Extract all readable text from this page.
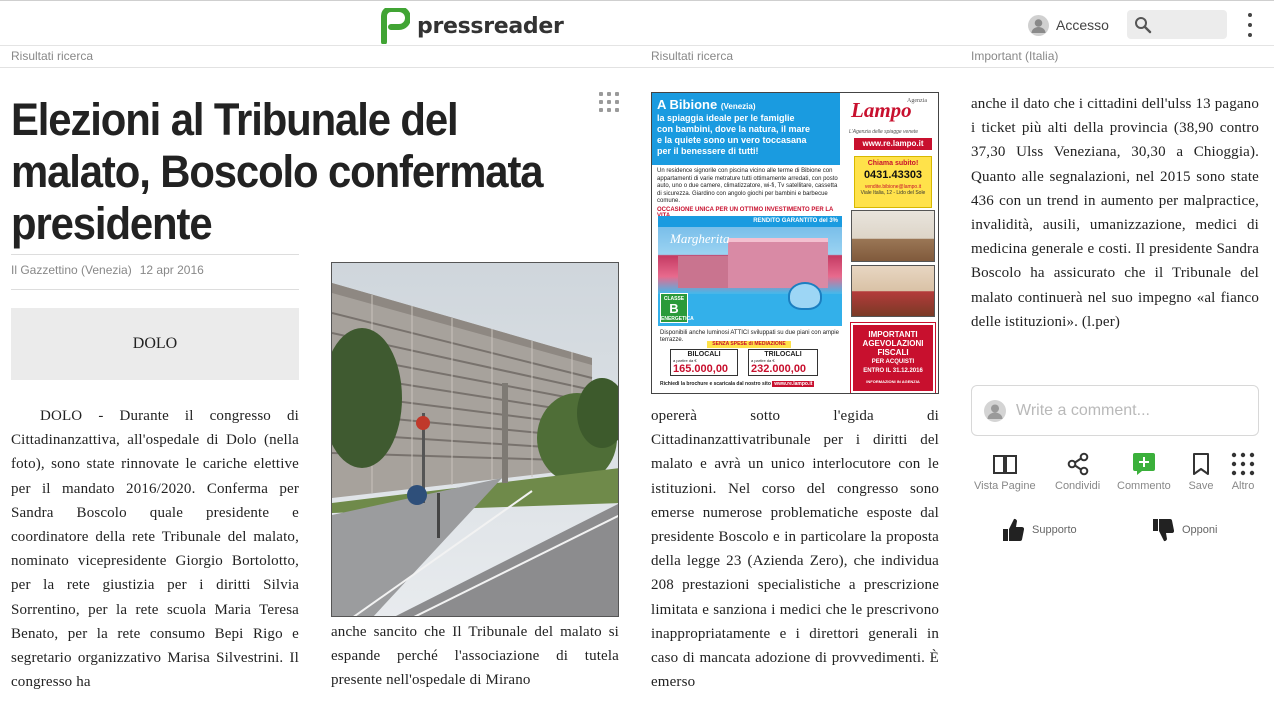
pressreader	Accesso
Risultati ricerca	Risultati ricerca	Important (Italia)
Elezioni al Tribunale del malato, Boscolo confermata presidente
Il Gazzettino (Venezia) 12 apr 2016
DOLO

DOLO - Durante il congresso di Cittadinanzattiva, all'ospedale di Dolo (nella foto), sono state rinnovate le cariche elettive per il mandato 2016/2020. Conferma per Sandra Boscolo quale presidente e coordinatore della rete Tribunale del malato, nominato vicepresidente Giorgio Bortolotto, per la rete giustizia per i diritti Silvia Sorrentino, per la rete scuola Maria Teresa Benato, per la rete consumo Bepi Rigo e segretario organizzativo Marisa Silvestrini. Il congresso ha

anche sancito che Il Tribunale del malato si espande perché l'associazione di tutela presente nell'ospedale di Mirano

A Bibione (Venezia)
la spiaggia ideale per le famiglie
con bambini, dove la natura, il mare
e la quiete sono un vero toccasana
per il benessere di tutti!
Un residence signorile con piscina vicino alle terme di Bibione con appartamenti di varie metrature tutti ottimamente arredati, con posto auto, uno o due camere, climatizzatore, wi-fi, Tv satellitare, cassetta di sicurezza. Giardino con angolo giochi per bambini e barbecue comune.
OCCASIONE UNICA PER UN OTTIMO INVESTIMENTO PER LA
RENDITO GARANTITO del 3%
Margherita
CLASSE
B
ENERGETICA
Disponibili anche luminosi ATTICI sviluppati su due piani con ampie terrazze.
SENZA SPESE di MEDIAZIONE
BILOCALI
a partire da € 165.000,00
TRILOCALI
a partire da € 232.000,00
Richiedi la brochure e scaricala dal nostro sito www.re.lampo.it
Agenzia
Lampo
L'Agenzia delle spiagge venete
www.re.lampo.it
Chiama subito!
0431.43303
vendite.bibione@lampo.it
Viale Italia, 12 - Lido del Sole
IMPORTANTI
AGEVOLAZIONI
FISCALI
PER ACQUISTI
ENTRO IL 31.12.2016
INFORMAZIONI IN AGENZIA

opererà sotto l'egida di Cittadinanzattivatribunale per i diritti del malato e avrà un unico interlocutore con le istituzioni. Nel corso del congresso sono emerse numerose problematiche esposte dal presidente Boscolo e in particolare la proposta della legge 23 (Azienda Zero), che individua 208 prestazioni specialistiche a prescrizione limitata e sanziona i medici che le prescrivono inappropriatamente e i direttori generali in caso di mancata adozione di provvedimenti. È emerso

anche il dato che i cittadini dell'ulss 13 pagano i ticket più alti della provincia (38,90 contro 37,30 Ulss Veneziana, 30,30 a Chioggia). Quanto alle segnalazioni, nel 2015 sono state 436 con un trend in aumento per malpractice, invalidità, ausili, umanizzazione, medici di medicina generale e costi. Il presidente Sandra Boscolo ha assicurato che il Tribunale del malato continuerà nel suo impegno «al fianco delle istituzioni». (l.per)

Write a comment...
Vista Pagine Condividi Commento Save Altro
Supporto	Opponi
